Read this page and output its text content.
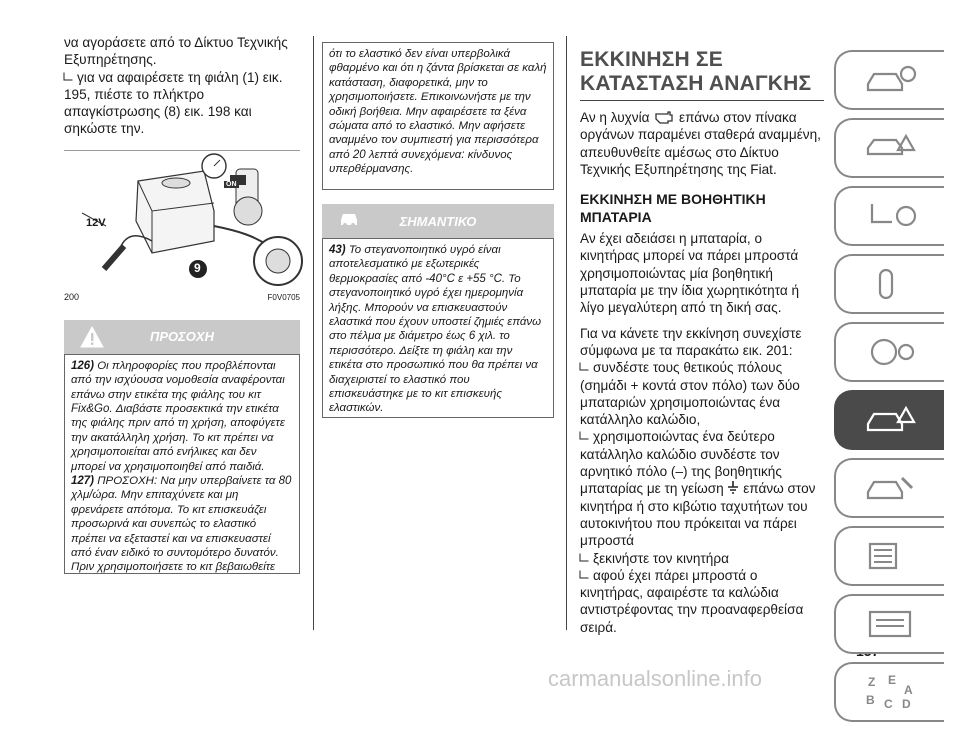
να αγοράσετε από το Δίκτυο Τεχνικής Εξυπηρέτησης.
για να αφαιρέσετε τη φιάλη (1) εικ. 195, πιέστε το πλήκτρο απαγκίστρωσης (8) εικ. 198 και σηκώστε την.
12V
ON
9
200	F0V0705
ΠΡΟΣΟΧΗ
126) Οι πληροφορίες που προβλέπονται από την ισχύουσα νομοθεσία αναφέρονται επάνω στην ετικέτα της φιάλης του κιτ Fix&Go. Διαβάστε προσεκτικά την ετικέτα της φιάλης πριν από τη χρήση, αποφύγετε την ακατάλληλη χρήση. Το κιτ πρέπει να χρησιμοποιείται από ενήλικες και δεν μπορεί να χρησιμοποιηθεί από παιδιά.
127) ΠΡΟΣΟΧΗ: Να μην υπερβαίνετε τα 80 χλμ/ώρα. Μην επιταχύνετε και μη φρενάρετε απότομα. Το κιτ επισκευάζει προσωρινά και συνεπώς το ελαστικό πρέπει να εξεταστεί και να επισκευαστεί από έναν ειδικό το συντομότερο δυνατόν. Πριν χρησιμοποιήσετε το κιτ βεβαιωθείτε
ότι το ελαστικό δεν είναι υπερβολικά φθαρμένο και ότι η ζάντα βρίσκεται σε καλή κατάσταση, διαφορετικά, μην το χρησιμοποιήσετε. Επικοινωνήστε με την οδική βοήθεια. Μην αφαιρέσετε τα ξένα σώματα από το ελαστικό. Μην αφήσετε αναμμένο τον συμπιεστή για περισσότερα από 20 λεπτά συνεχόμενα: κίνδυνος υπερθέρμανσης.
ΣΗΜΑΝΤΙΚΟ
43) Το στεγανοποιητικό υγρό είναι αποτελεσματικό με εξωτερικές θερμοκρασίες από -40°C ε +55 °C. Το στεγανοποιητικό υγρό έχει ημερομηνία λήξης. Μπορούν να επισκευαστούν ελαστικά που έχουν υποστεί ζημιές επάνω στο πέλμα με διάμετρο έως 6 χιλ. το περισσότερο. Δείξτε τη φιάλη και την ετικέτα στο προσωπικό που θα πρέπει να διαχειριστεί το ελαστικό που επισκευάστηκε με το κιτ επισκευής ελαστικών.
ΕΚΚΙΝΗΣΗ ΣΕ ΚΑΤΑΣΤΑΣΗ ΑΝΑΓΚΗΣ
Αν η λυχνία  επάνω στον πίνακα οργάνων παραμένει σταθερά αναμμένη, απευθυνθείτε αμέσως στο Δίκτυο Τεχνικής Εξυπηρέτησης της Fiat.
ΕΚΚΙΝΗΣΗ ΜΕ ΒΟΗΘΗΤΙΚΗ ΜΠΑΤΑΡΙΑ
Αν έχει αδειάσει η μπαταρία, ο κινητήρας μπορεί να πάρει μπροστά χρησιμοποιώντας μία βοηθητική μπαταρία με την ίδια χωρητικότητα ή λίγο μεγαλύτερη από τη δική σας.
Για να κάνετε την εκκίνηση συνεχίστε σύμφωνα με τα παρακάτω εικ. 201:
συνδέστε τους θετικούς πόλους (σημάδι + κοντά στον πόλο) των δύο μπαταριών χρησιμοποιώντας ένα κατάλληλο καλώδιο,
χρησιμοποιώντας ένα δεύτερο κατάλληλο καλώδιο συνδέστε τον αρνητικό πόλο (–) της βοηθητικής μπαταρίας με τη γείωση  επάνω στον κινητήρα ή στο κιβώτιο ταχυτήτων του αυτοκινήτου που πρόκειται να πάρει μπροστά
ξεκινήστε τον κινητήρα
αφού έχει πάρει μπροστά ο κινητήρας, αφαιρέστε τα καλώδια αντιστρέφοντας την προαναφερθείσα σειρά.
carmanualsonline.info	Z E
A
B C D
